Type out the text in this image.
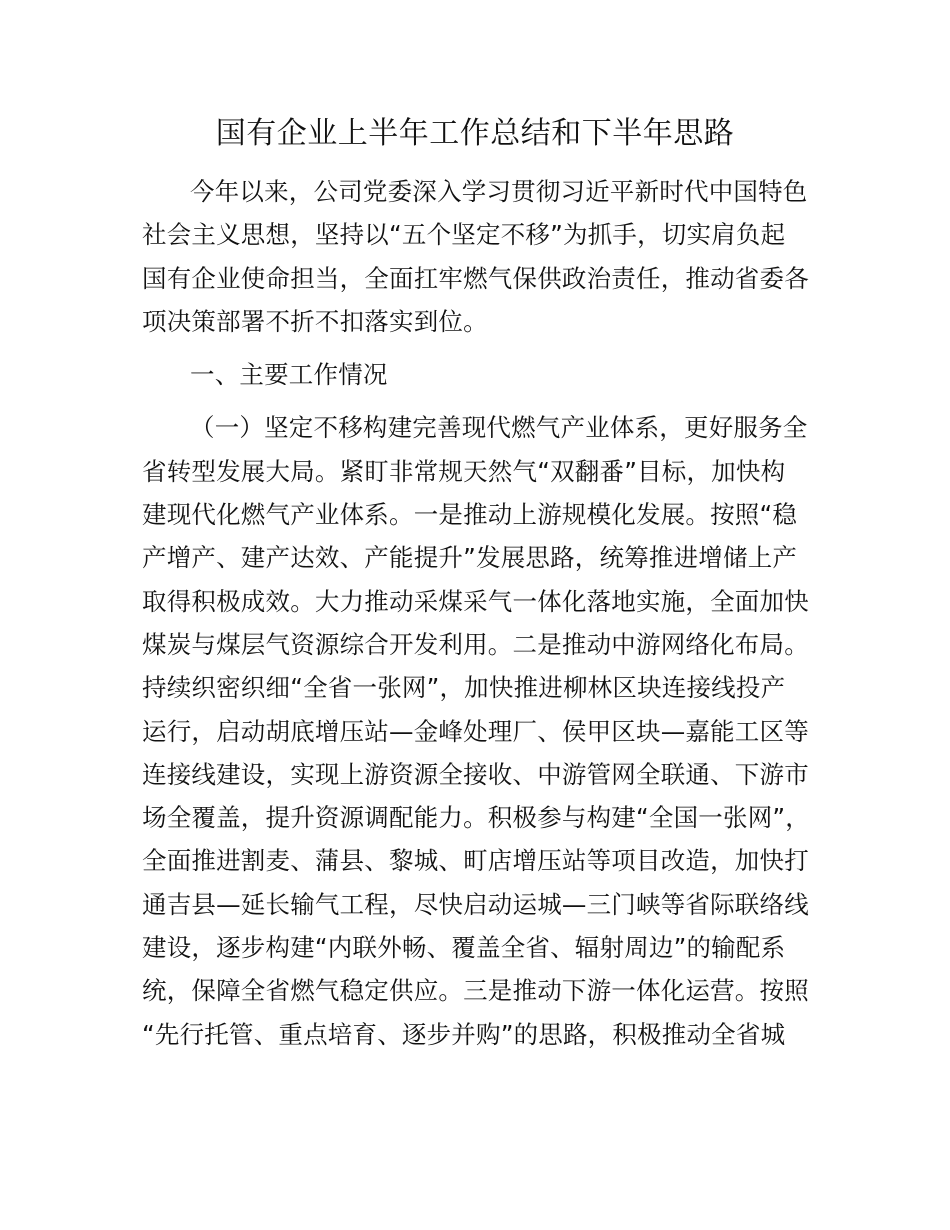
国有企业上半年工作总结和下半年思路
今年以来，公司党委深入学习贯彻习近平新时代中国特色
社会主义思想，坚持以“五个坚定不移”为抓手，切实肩负起
国有企业使命担当，全面扛牢燃气保供政治责任，推动省委各
项决策部署不折不扣落实到位。
一、主要工作情况
（一）坚定不移构建完善现代燃气产业体系，更好服务全
省转型发展大局。紧盯非常规天然气“双翻番”目标，加快构
建现代化燃气产业体系。一是推动上游规模化发展。按照“稳
产增产、建产达效、产能提升”发展思路，统筹推进增储上产
取得积极成效。大力推动采煤采气一体化落地实施，全面加快
煤炭与煤层气资源综合开发利用。二是推动中游网络化布局。
持续织密织细“全省一张网”，加快推进柳林区块连接线投产
运行，启动胡底增压站—金峰处理厂、侯甲区块—嘉能工区等
连接线建设，实现上游资源全接收、中游管网全联通、下游市
场全覆盖，提升资源调配能力。积极参与构建“全国一张网”，
全面推进割麦、蒲县、黎城、町店增压站等项目改造，加快打
通吉县—延长输气工程，尽快启动运城—三门峡等省际联络线
建设，逐步构建“内联外畅、覆盖全省、辐射周边”的输配系
统，保障全省燃气稳定供应。三是推动下游一体化运营。按照
“先行托管、重点培育、逐步并购”的思路，积极推动全省城
